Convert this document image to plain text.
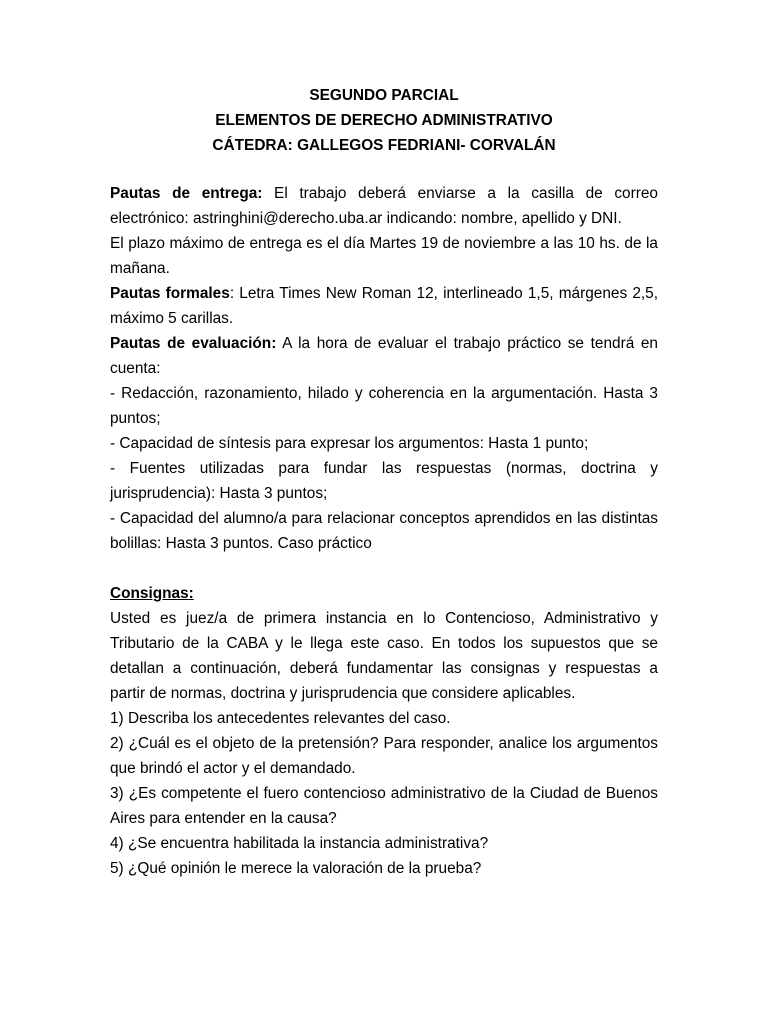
SEGUNDO PARCIAL
ELEMENTOS DE DERECHO ADMINISTRATIVO
CÁTEDRA: GALLEGOS FEDRIANI- CORVALÁN
Pautas de entrega: El trabajo deberá enviarse a la casilla de correo
electrónico: astringhini@derecho.uba.ar indicando: nombre, apellido y DNI.
El plazo máximo de entrega es el día Martes 19 de noviembre a las 10 hs. de la
mañana.
Pautas formales: Letra Times New Roman 12, interlineado 1,5, márgenes 2,5,
máximo 5 carillas.
Pautas de evaluación: A la hora de evaluar el trabajo práctico se tendrá en
cuenta:
- Redacción, razonamiento, hilado y coherencia en la argumentación. Hasta 3
puntos;
- Capacidad de síntesis para expresar los argumentos: Hasta 1 punto;
- Fuentes utilizadas para fundar las respuestas (normas, doctrina y
jurisprudencia): Hasta 3 puntos;
- Capacidad del alumno/a para relacionar conceptos aprendidos en las distintas
bolillas: Hasta 3 puntos. Caso práctico
Consignas:
Usted es juez/a de primera instancia en lo Contencioso, Administrativo y
Tributario de la CABA y le llega este caso. En todos los supuestos que se
detallan a continuación, deberá fundamentar las consignas y respuestas a
partir de normas, doctrina y jurisprudencia que considere aplicables.
1) Describa los antecedentes relevantes del caso.
2) ¿Cuál es el objeto de la pretensión? Para responder, analice los argumentos
que brindó el actor y el demandado.
3) ¿Es competente el fuero contencioso administrativo de la Ciudad de Buenos
Aires para entender en la causa?
4) ¿Se encuentra habilitada la instancia administrativa?
5) ¿Qué opinión le merece la valoración de la prueba?
